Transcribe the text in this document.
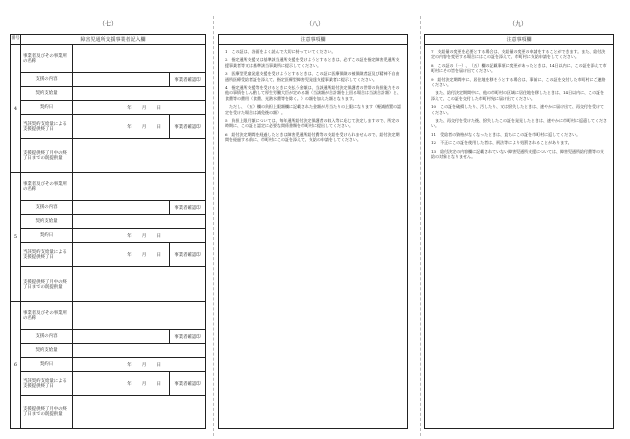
（七）	（八）	（九）
番号	障害児通所支援事業者記入欄
4
事業者及びその事業所の名称
支援の内容	事業者確認印
契約支給量
契約日	年 月 日
当該契約支給量による支援提供終了日	年 月 日	事業者確認印
支援提供終了月中の終了日までの既提供量
5
事業者及びその事業所の名称
支援の内容	事業者確認印
契約支給量
契約日	年 月 日
当該契約支給量による支援提供終了日	年 月 日	事業者確認印
支援提供終了月中の終了日までの既提供量
6
事業者及びその事業所の名称
支援の内容	事業者確認印
契約支給量
契約日	年 月 日
当該契約支給量による支援提供終了日	年 月 日	事業者確認印
支援提供終了月中の終了日までの既提供量
注意事項欄
1　この証は、各面をよく読んで大切に持っていてください。
2　指定通所支援又は基準該当通所支援を受けようとするときは、必ずこの証を指定障害児通所支援事業者等又は基準該当事業所に提示してください。
3　医療型児童発達支援を受けようとするときは、この証に医療保険の被保険者証及び精神不自由通所医療受給者証を添えて、指定医療型障害児発達支援事業者に提示してください。
4　指定通所支援等を受けるときに支払う金額は、当該通所給付決定保護者の世帯の負担能力その他の事情をしん酌して厚生労働大臣が定める額（当該額が合計額を上回る場合は当該合計額）と、食費等の費用（食費、光熱水費等を除く。）の額を加えた額となります。
　ただし、（五）欄の負担上限額欄に記載された金額が月当たりの上限になります（軽減措置の認定を受けた場合は減免後の額）。
5　負担上限月額については、毎年通所給付決定保護者の収入等に応じて決定しますので、所定の時期に、この証と認定に必要な関係書類を市町村に提出してください。
6　給付決定期間を経過したときは障害児通所給付費等の支給を受けられませんので、給付決定期間を経過する前に、市町村にこの証を添えて、支給の申請をしてください。
注意事項欄
7　支給量の変更を必要とする場合は、支給量の変更の申請をすることができます。また、給付決定の内容を変更する場合にはこの証を添えて、市町村に支給申請をしてください。
8　この証の（一）、（五）欄の記載事項に変更があったときは、14日以内に、この証を添えて市町村にその旨を届け出てください。
9　給付決定期間中に、居住地を移そうとする場合は、事前に、この証を交付した市町村にご連絡ください。
　また、給付決定期間中に、他の市町村の区域に居住地を移したときは、14日以内に、この証を添えて、この証を交付した市町村宛に届け出てください。
10　この証を破損したり、汚したり、又は紛失したときは、速やかに届け出て、再交付を受けてください。
　また、再交付を受けた後、紛失したこの証を発見したときは、速やかに市町村に返還してください。
11　受給者の資格がなくなったときは、直ちにこの証を市町村に返してください。
12　不正にこの証を使用した者は、刑法等により処罰されることがあります。
13　給付決定の内容欄に記載されていない障害児通所支援については、障害児通所給付費等の支給の対象となりません。
